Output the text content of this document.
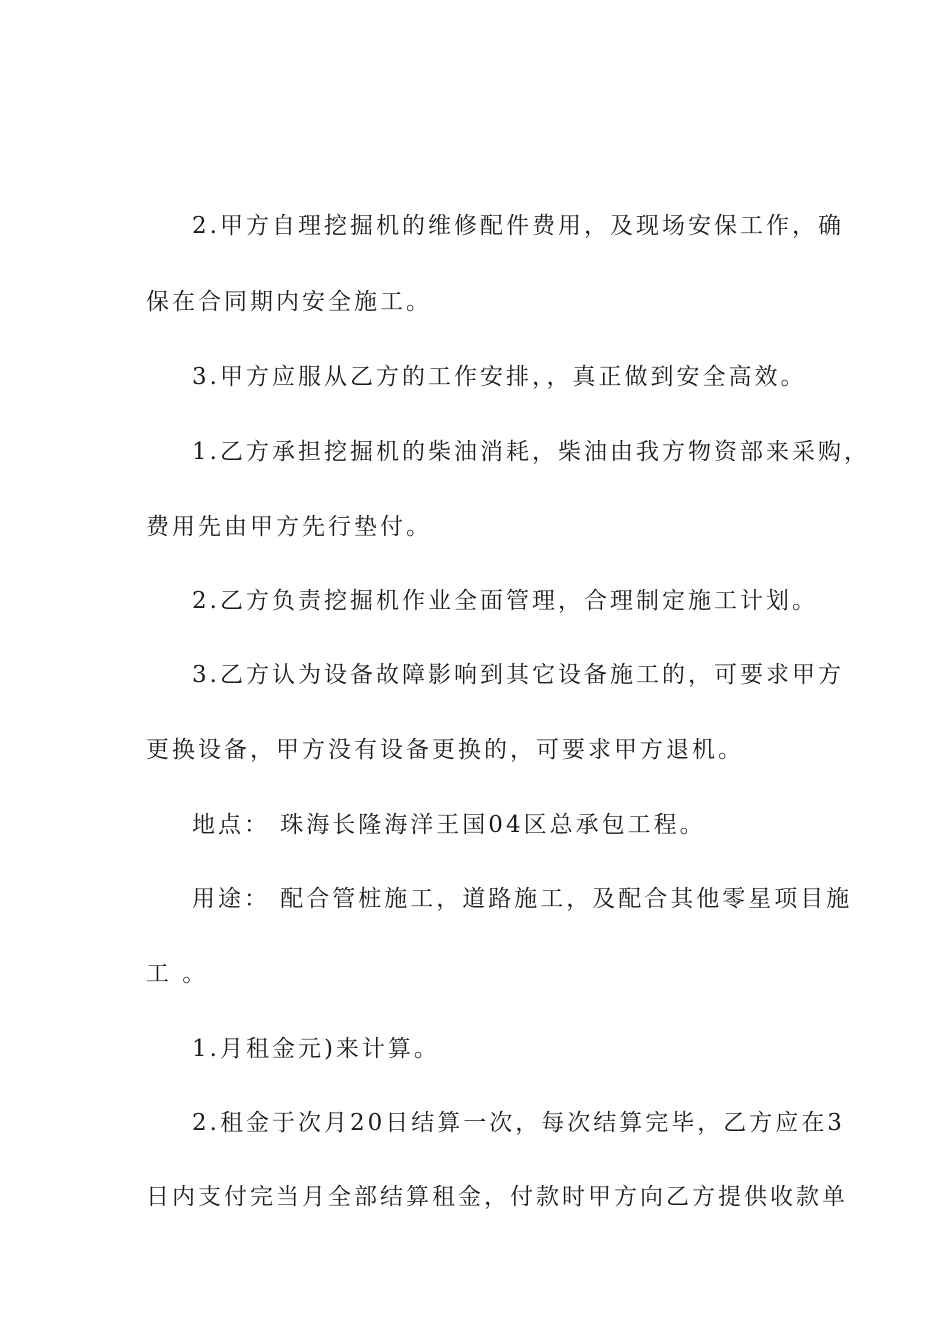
2.甲方自理挖掘机的维修配件费用，及现场安保工作，确
保在合同期内安全施工。
3.甲方应服从乙方的工作安排，，真正做到安全高效。
1.乙方承担挖掘机的柴油消耗，柴油由我方物资部来采购，
费用先由甲方先行垫付。
2.乙方负责挖掘机作业全面管理，合理制定施工计划。
3.乙方认为设备故障影响到其它设备施工的，可要求甲方
更换设备，甲方没有设备更换的，可要求甲方退机。
地点： 珠海长隆海洋王国04区总承包工程。
用途： 配合管桩施工，道路施工，及配合其他零星项目施
工 。
1.月租金元)来计算。
2.租金于次月20日结算一次，每次结算完毕，乙方应在3
日内支付完当月全部结算租金，付款时甲方向乙方提供收款单
